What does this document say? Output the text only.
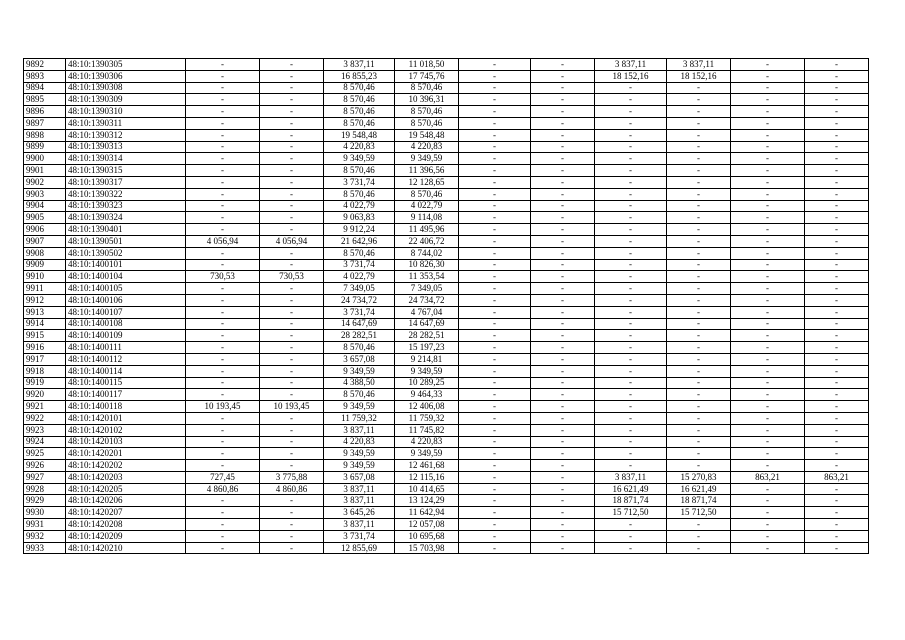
9892	48:10:1390305	-	-	3 837,11	11 018,50	-	-	3 837,11	3 837,11	-	-
9893	48:10:1390306	-	-	16 855,23	17 745,76	-	-	18 152,16	18 152,16	-	-
9894	48:10:1390308	-	-	8 570,46	8 570,46	-	-	-	-	-	-
9895	48:10:1390309	-	-	8 570,46	10 396,31	-	-	-	-	-	-
9896	48:10:1390310	-	-	8 570,46	8 570,46	-	-	-	-	-	-
9897	48:10:1390311	-	-	8 570,46	8 570,46	-	-	-	-	-	-
9898	48:10:1390312	-	-	19 548,48	19 548,48	-	-	-	-	-	-
9899	48:10:1390313	-	-	4 220,83	4 220,83	-	-	-	-	-	-
9900	48:10:1390314	-	-	9 349,59	9 349,59	-	-	-	-	-	-
9901	48:10:1390315	-	-	8 570,46	11 396,56	-	-	-	-	-	-
9902	48:10:1390317	-	-	3 731,74	12 128,65	-	-	-	-	-	-
9903	48:10:1390322	-	-	8 570,46	8 570,46	-	-	-	-	-	-
9904	48:10:1390323	-	-	4 022,79	4 022,79	-	-	-	-	-	-
9905	48:10:1390324	-	-	9 063,83	9 114,08	-	-	-	-	-	-
9906	48:10:1390401	-	-	9 912,24	11 495,96	-	-	-	-	-	-
9907	48:10:1390501	4 056,94	4 056,94	21 642,96	22 406,72	-	-	-	-	-	-
9908	48:10:1390502	-	-	8 570,46	8 744,02	-	-	-	-	-	-
9909	48:10:1400101	-	-	3 731,74	10 826,30	-	-	-	-	-	-
9910	48:10:1400104	730,53	730,53	4 022,79	11 353,54	-	-	-	-	-	-
9911	48:10:1400105	-	-	7 349,05	7 349,05	-	-	-	-	-	-
9912	48:10:1400106	-	-	24 734,72	24 734,72	-	-	-	-	-	-
9913	48:10:1400107	-	-	3 731,74	4 767,04	-	-	-	-	-	-
9914	48:10:1400108	-	-	14 647,69	14 647,69	-	-	-	-	-	-
9915	48:10:1400109	-	-	28 282,51	28 282,51	-	-	-	-	-	-
9916	48:10:1400111	-	-	8 570,46	15 197,23	-	-	-	-	-	-
9917	48:10:1400112	-	-	3 657,08	9 214,81	-	-	-	-	-	-
9918	48:10:1400114	-	-	9 349,59	9 349,59	-	-	-	-	-	-
9919	48:10:1400115	-	-	4 388,50	10 289,25	-	-	-	-	-	-
9920	48:10:1400117	-	-	8 570,46	9 464,33	-	-	-	-	-	-
9921	48:10:1400118	10 193,45	10 193,45	9 349,59	12 406,08	-	-	-	-	-	-
9922	48:10:1420101	-	-	11 759,32	11 759,32	-	-	-	-	-	-
9923	48:10:1420102	-	-	3 837,11	11 745,82	-	-	-	-	-	-
9924	48:10:1420103	-	-	4 220,83	4 220,83	-	-	-	-	-	-
9925	48:10:1420201	-	-	9 349,59	9 349,59	-	-	-	-	-	-
9926	48:10:1420202	-	-	9 349,59	12 461,68	-	-	-	-	-	-
9927	48:10:1420203	727,45	3 775,88	3 657,08	12 115,16	-	-	3 837,11	15 270,83	863,21	863,21
9928	48:10:1420205	4 860,86	4 860,86	3 837,11	10 414,65	-	-	16 621,49	16 621,49	-	-
9929	48:10:1420206	-	-	3 837,11	13 124,29	-	-	18 871,74	18 871,74	-	-
9930	48:10:1420207	-	-	3 645,26	11 642,94	-	-	15 712,50	15 712,50	-	-
9931	48:10:1420208	-	-	3 837,11	12 057,08	-	-	-	-	-	-
9932	48:10:1420209	-	-	3 731,74	10 695,68	-	-	-	-	-	-
9933	48:10:1420210	-	-	12 855,69	15 703,98	-	-	-	-	-	-
